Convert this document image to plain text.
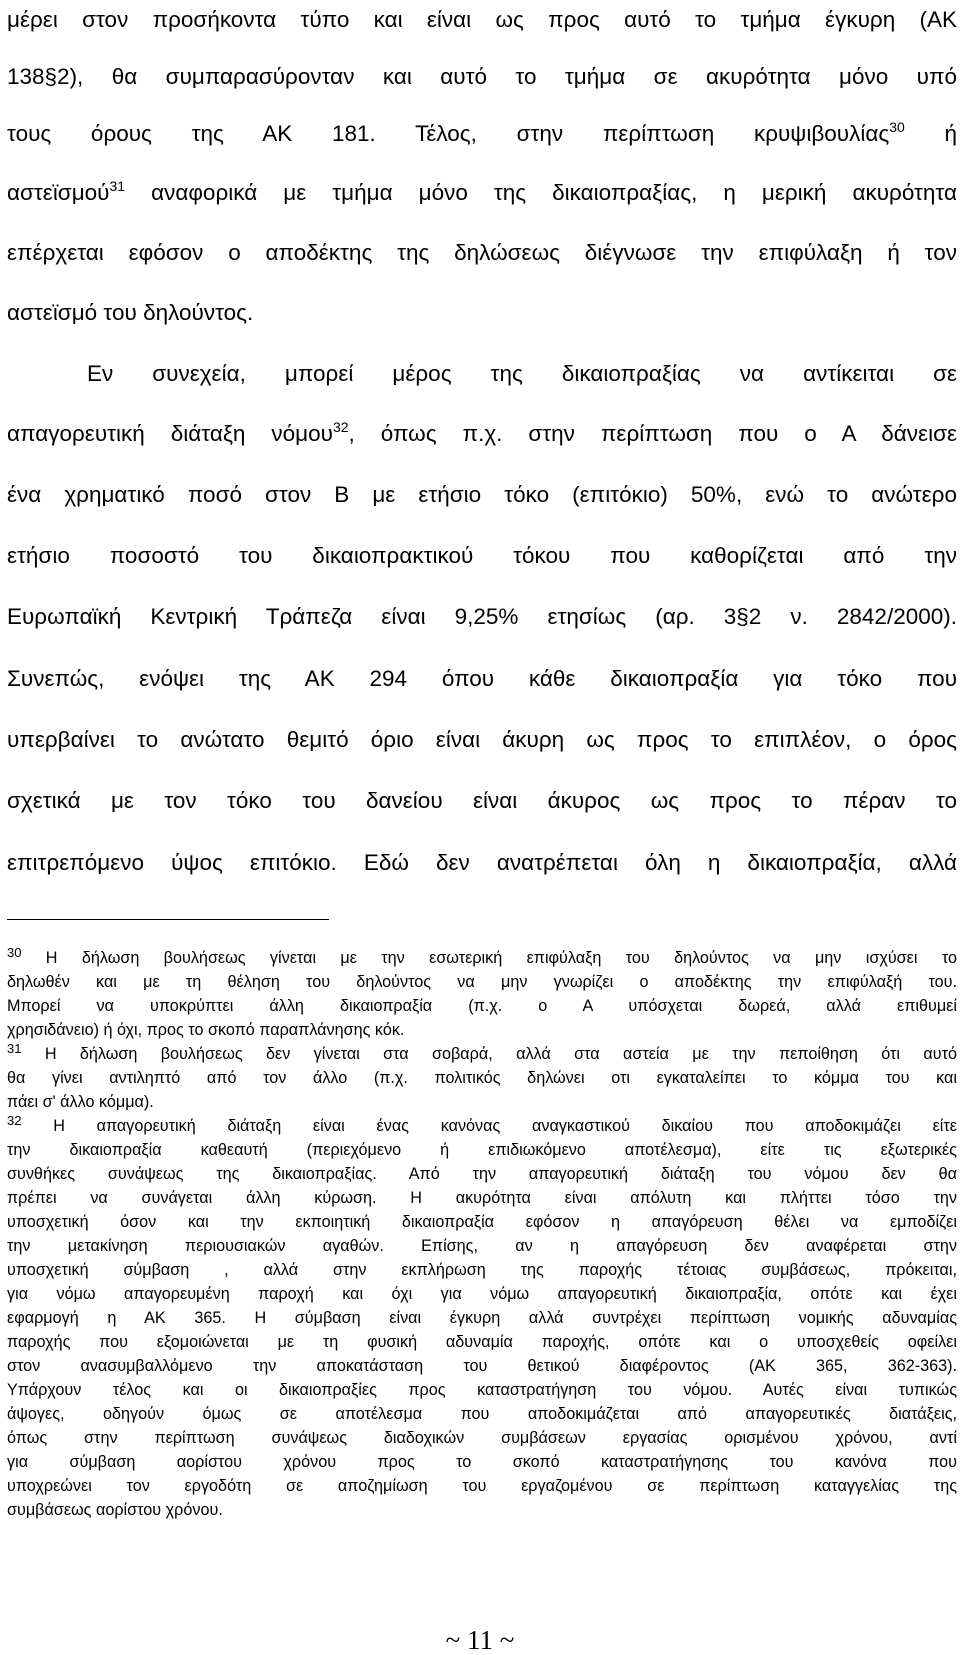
μέρει στον προσήκοντα τύπο και είναι ως προς αυτό το τμήμα έγκυρη (ΑΚ
138§2), θα συμπαρασύρονταν και αυτό το τμήμα σε ακυρότητα μόνο υπό
τους όρους της ΑΚ 181. Τέλος, στην περίπτωση κρυψιβουλίας$^{30}$ ή
αστεϊσμού$^{31}$ αναφορικά με τμήμα μόνο της δικαιοπραξίας, η μερική ακυρότητα
επέρχεται εφόσον ο αποδέκτης της δηλώσεως διέγνωσε την επιφύλαξη ή τον
αστεϊσμό του δηλούντος.
Εν συνεχεία, μπορεί μέρος της δικαιοπραξίας να αντίκειται σε
απαγορευτική διάταξη νόμου$^{32}$, όπως π.χ. στην περίπτωση που ο Α δάνεισε
ένα χρηματικό ποσό στον Β με ετήσιο τόκο (επιτόκιο) 50%, ενώ το ανώτερο
ετήσιο ποσοστό του δικαιοπρακτικού τόκου που καθορίζεται από την
Ευρωπαϊκή Κεντρική Τράπεζα είναι 9,25% ετησίως (αρ. 3§2 ν. 2842/2000).
Συνεπώς, ενόψει της ΑΚ 294 όπου κάθε δικαιοπραξία για τόκο που
υπερβαίνει το ανώτατο θεμιτό όριο είναι άκυρη ως προς το επιπλέον, ο όρος
σχετικά με τον τόκο του δανείου είναι άκυρος ως προς το πέραν το
επιτρεπόμενο ύψος επιτόκιο. Εδώ δεν ανατρέπεται όλη η δικαιοπραξία, αλλά
$^{30}$ Η δήλωση βουλήσεως γίνεται με την εσωτερική επιφύλαξη του δηλούντος να μην ισχύσει το
δηλωθέν και με τη θέληση του δηλούντος να μην γνωρίζει ο αποδέκτης την επιφύλαξή του.
Μπορεί να υποκρύπτει άλλη δικαιοπραξία (π.χ. ο Α υπόσχεται δωρεά, αλλά επιθυμεί
χρησιδάνειο) ή όχι, προς το σκοπό παραπλάνησης κόκ.
$^{31}$ Η δήλωση βουλήσεως δεν γίνεται στα σοβαρά, αλλά στα αστεία με την πεποίθηση ότι αυτό
θα γίνει αντιληπτό από τον άλλο (π.χ. πολιτικός δηλώνει οτι εγκαταλείπει το κόμμα του και
πάει σ' άλλο κόμμα).
$^{32}$ Η απαγορευτική διάταξη είναι ένας κανόνας αναγκαστικού δικαίου που αποδοκιμάζει είτε
την δικαιοπραξία καθεαυτή (περιεχόμενο ή επιδιωκόμενο αποτέλεσμα), είτε τις εξωτερικές
συνθήκες συνάψεως της δικαιοπραξίας. Από την απαγορευτική διάταξη του νόμου δεν θα
πρέπει να συνάγεται άλλη κύρωση. Η ακυρότητα είναι απόλυτη και πλήττει τόσο την
υποσχετική όσον και την εκποιητική δικαιοπραξία εφόσον η απαγόρευση θέλει να εμποδίζει
την μετακίνηση περιουσιακών αγαθών. Επίσης, αν η απαγόρευση δεν αναφέρεται στην
υποσχετική σύμβαση , αλλά στην εκπλήρωση της παροχής τέτοιας συμβάσεως, πρόκειται,
για νόμω απαγορευμένη παροχή και όχι για νόμω απαγορευτική δικαιοπραξία, οπότε και έχει
εφαρμογή η ΑΚ 365. Η σύμβαση είναι έγκυρη αλλά συντρέχει περίπτωση νομικής αδυναμίας
παροχής που εξομοιώνεται με τη φυσική αδυναμία παροχής, οπότε και ο υποσχεθείς οφείλει
στον ανασυμβαλλόμενο την αποκατάσταση του θετικού διαφέροντος (ΑΚ 365, 362-363).
Υπάρχουν τέλος και οι δικαιοπραξίες προς καταστρατήγηση του νόμου. Αυτές είναι τυπικώς
άψογες, οδηγούν όμως σε αποτέλεσμα που αποδοκιμάζεται από απαγορευτικές διατάξεις,
όπως στην περίπτωση συνάψεως διαδοχικών συμβάσεων εργασίας ορισμένου χρόνου, αντί
για σύμβαση αορίστου χρόνου προς το σκοπό καταστρατήγησης του κανόνα που
υποχρεώνει τον εργοδότη σε αποζημίωση του εργαζομένου σε περίπτωση καταγγελίας της
συμβάσεως αορίστου χρόνου.
~ 11 ~
